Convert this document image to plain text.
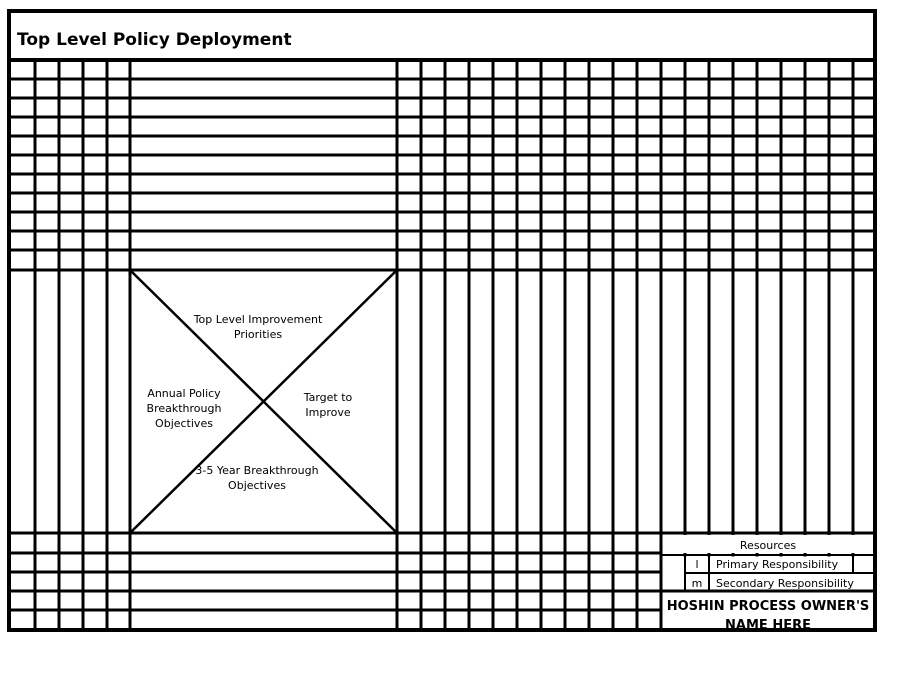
Top Level Policy Deployment
Top Level Improvement Priorities
Annual Policy Breakthrough Objectives
Target to Improve
3-5 Year Breakthrough Objectives
Resources
l	Primary Responsibility
m	Secondary Responsibility
HOSHIN PROCESS OWNER'S NAME HERE
